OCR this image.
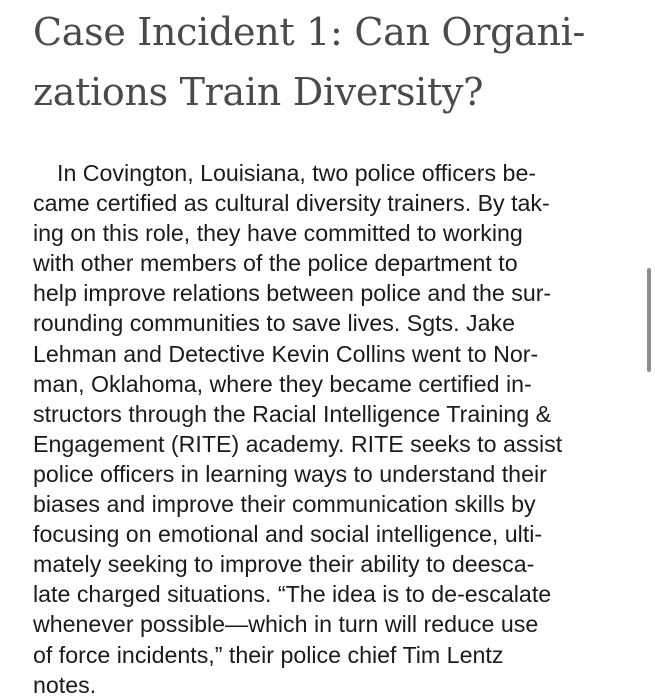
Case Incident 1: Can Organi-
zations Train Diversity?
In Covington, Louisiana, two police officers be-
came certified as cultural diversity trainers. By tak-
ing on this role, they have committed to working
with other members of the police department to
help improve relations between police and the sur-
rounding communities to save lives. Sgts. Jake
Lehman and Detective Kevin Collins went to Nor-
man, Oklahoma, where they became certified in-
structors through the Racial Intelligence Training &
Engagement (RITE) academy. RITE seeks to assist
police officers in learning ways to understand their
biases and improve their communication skills by
focusing on emotional and social intelligence, ulti-
mately seeking to improve their ability to deesca-
late charged situations. “The idea is to de-escalate
whenever possible—which in turn will reduce use
of force incidents,” their police chief Tim Lentz
notes.
